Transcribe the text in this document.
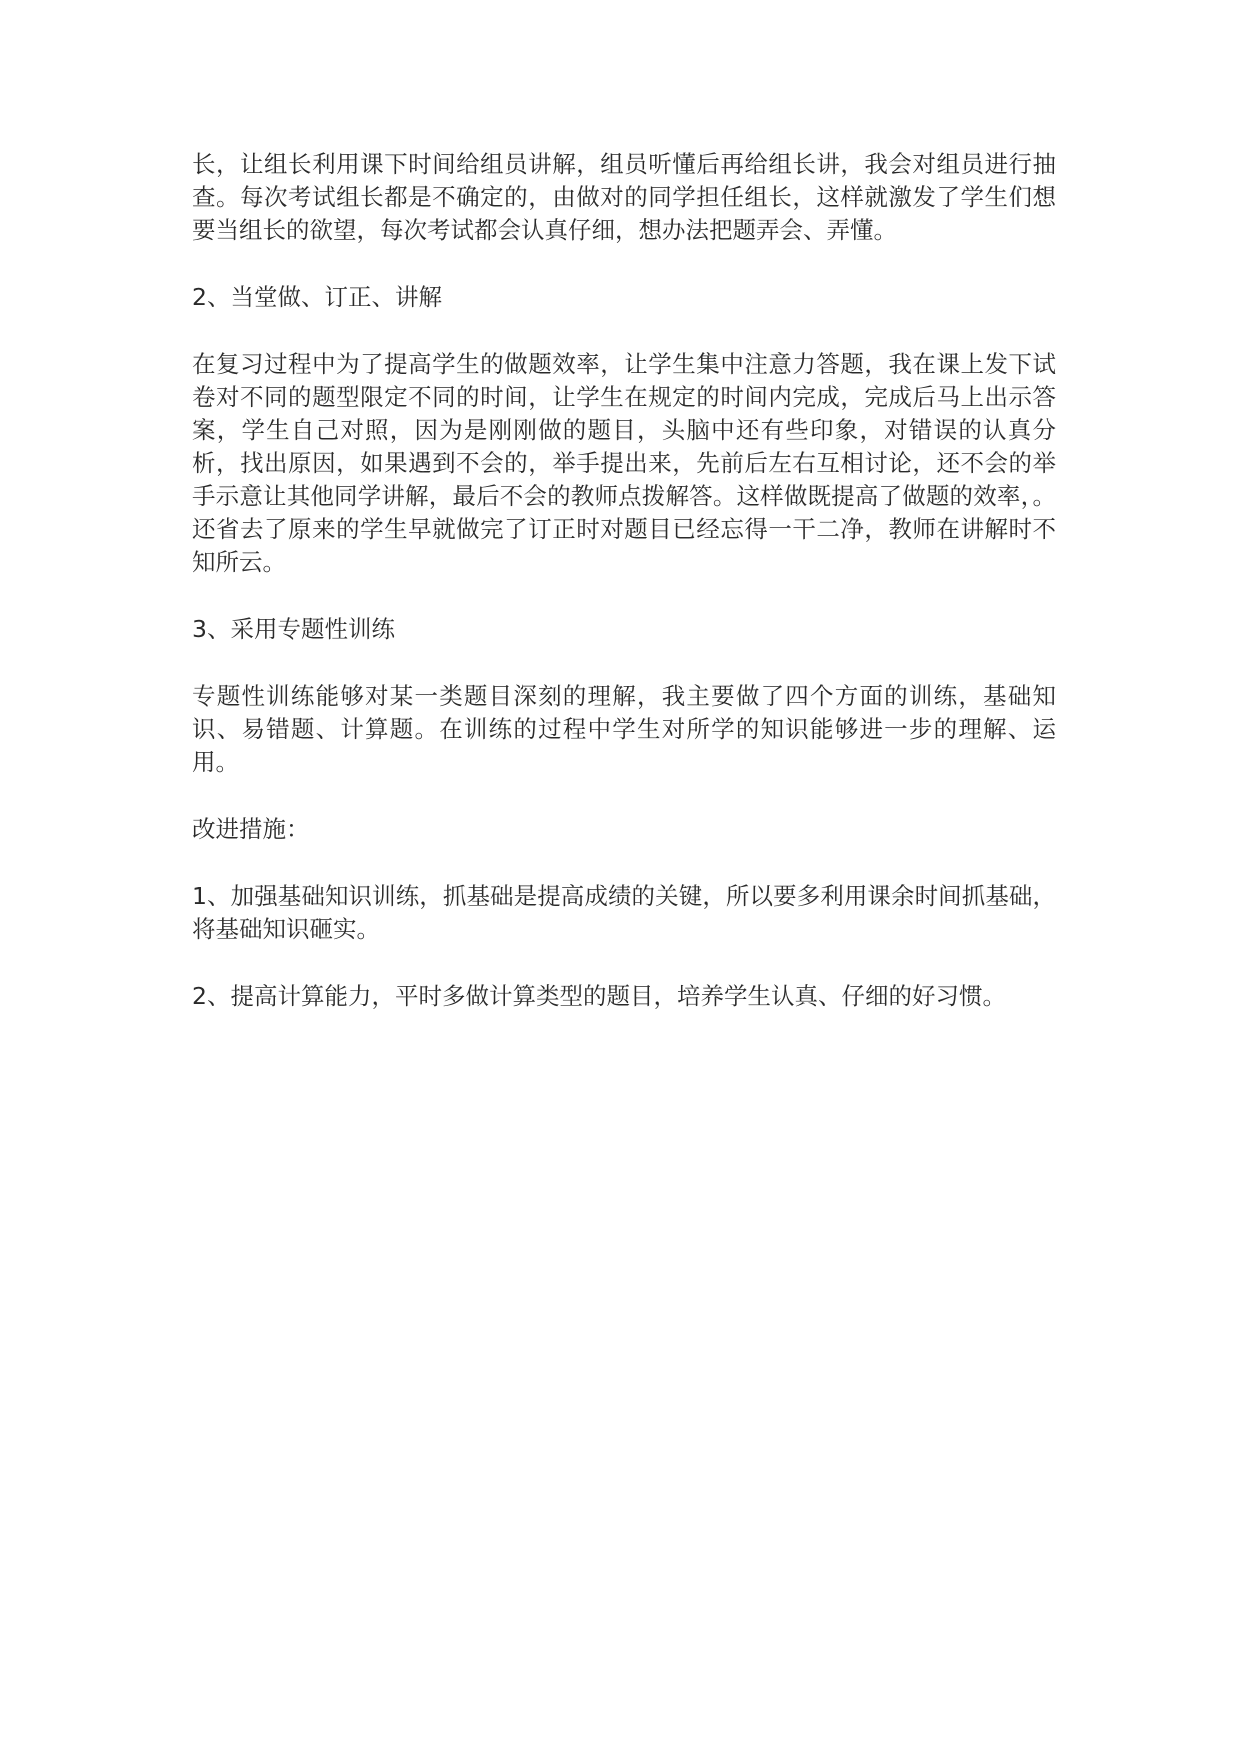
长，让组长利用课下时间给组员讲解，组员听懂后再给组长讲，我会对组员进行抽查。每次考试组长都是不确定的，由做对的同学担任组长，这样就激发了学生们想要当组长的欲望，每次考试都会认真仔细，想办法把题弄会、弄懂。

2、当堂做、订正、讲解

在复习过程中为了提高学生的做题效率，让学生集中注意力答题，我在课上发下试卷对不同的题型限定不同的时间，让学生在规定的时间内完成，完成后马上出示答案，学生自己对照，因为是刚刚做的题目，头脑中还有些印象，对错误的认真分析，找出原因，如果遇到不会的，举手提出来，先前后左右互相讨论，还不会的举手示意让其他同学讲解，最后不会的教师点拨解答。这样做既提高了做题的效率，。还省去了原来的学生早就做完了订正时对题目已经忘得一干二净，教师在讲解时不知所云。

3、采用专题性训练

专题性训练能够对某一类题目深刻的理解，我主要做了四个方面的训练，基础知识、易错题、计算题。在训练的过程中学生对所学的知识能够进一步的理解、运用。

改进措施：

1、加强基础知识训练，抓基础是提高成绩的关键，所以要多利用课余时间抓基础，将基础知识砸实。

2、提高计算能力，平时多做计算类型的题目，培养学生认真、仔细的好习惯。
